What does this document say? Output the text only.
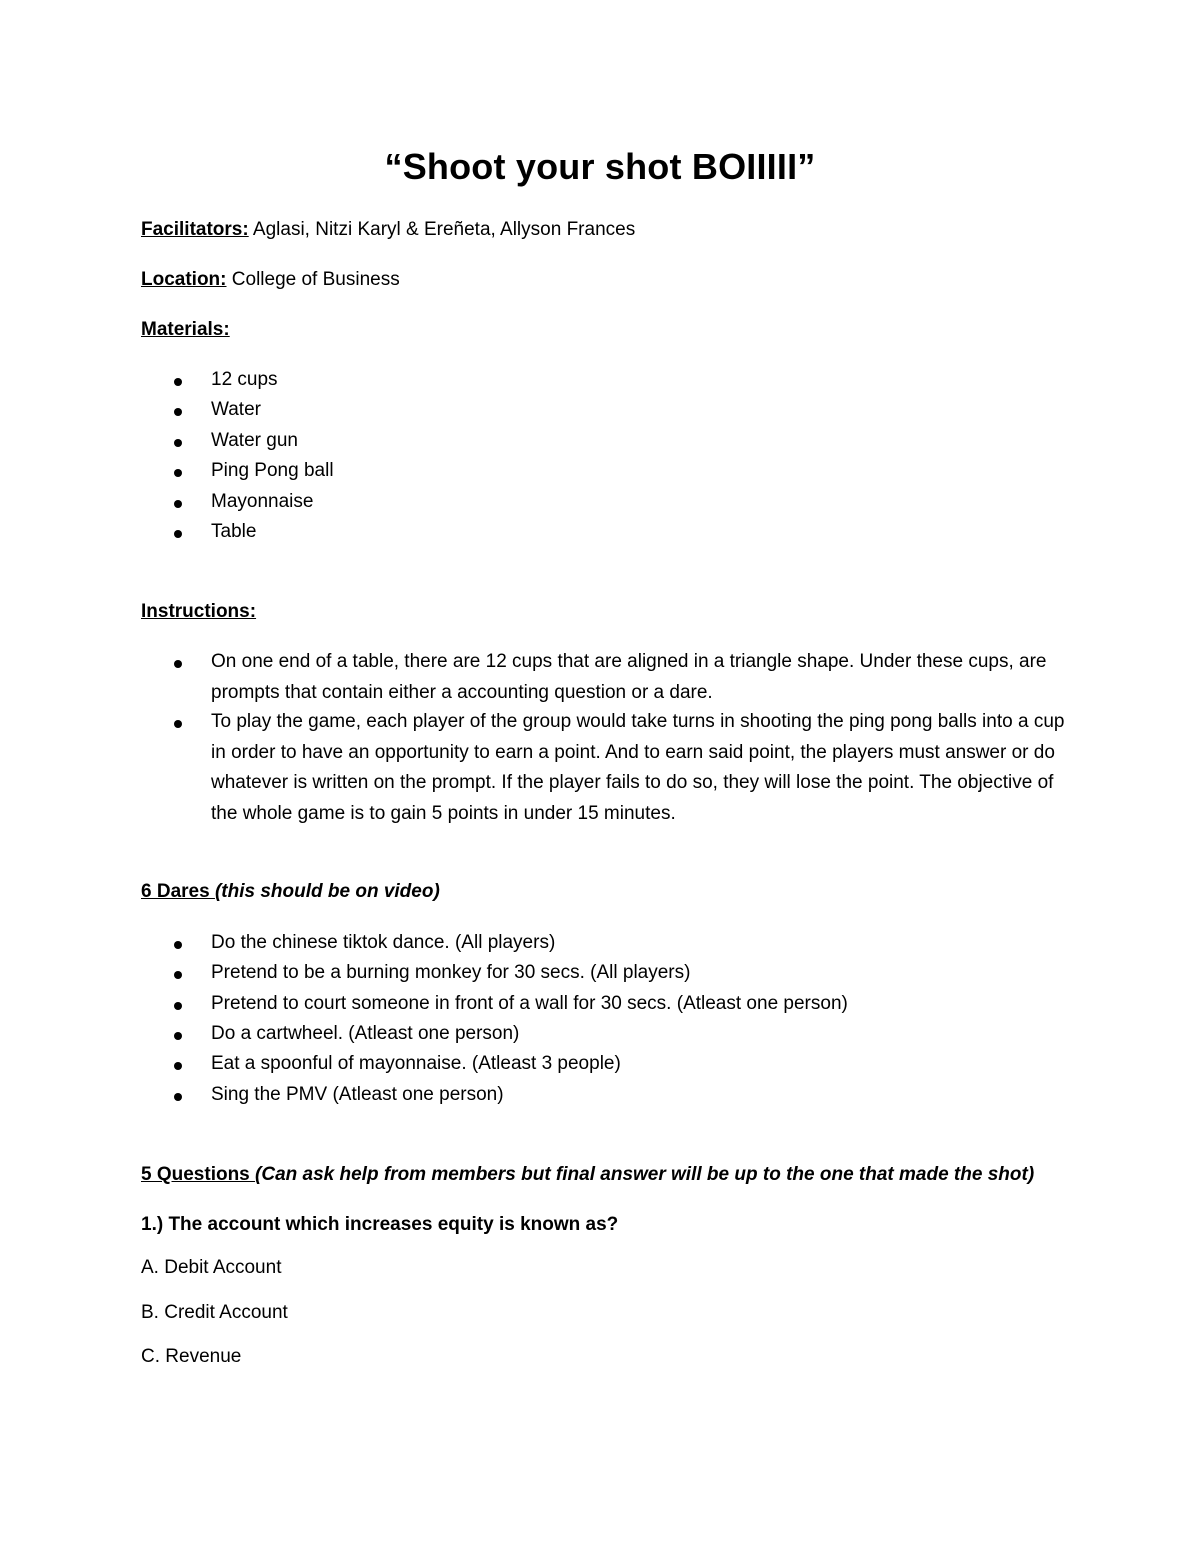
“Shoot your shot BOIIIII”
Facilitators: Aglasi, Nitzi Karyl & Ereñeta, Allyson Frances
Location: College of Business
Materials:
12 cups
Water
Water gun
Ping Pong ball
Mayonnaise
Table
Instructions:
On one end of a table, there are 12 cups that are aligned in a triangle shape. Under these cups, are prompts that contain either a accounting question or a dare.
To play the game, each player of the group would take turns in shooting the ping pong balls into a cup in order to have an opportunity to earn a point. And to earn said point, the players must answer or do whatever is written on the prompt. If the player fails to do so, they will lose the point. The objective of the whole game is to gain 5 points in under 15 minutes.
6 Dares (this should be on video)
Do the chinese tiktok dance. (All players)
Pretend to be a burning monkey for 30 secs. (All players)
Pretend to court someone in front of a wall for 30 secs. (Atleast one person)
Do a cartwheel. (Atleast one person)
Eat a spoonful of mayonnaise. (Atleast 3 people)
Sing the PMV (Atleast one person)
5 Questions (Can ask help from members but final answer will be up to the one that made the shot)
1.) The account which increases equity is known as?
A. Debit Account
B. Credit Account
C. Revenue
